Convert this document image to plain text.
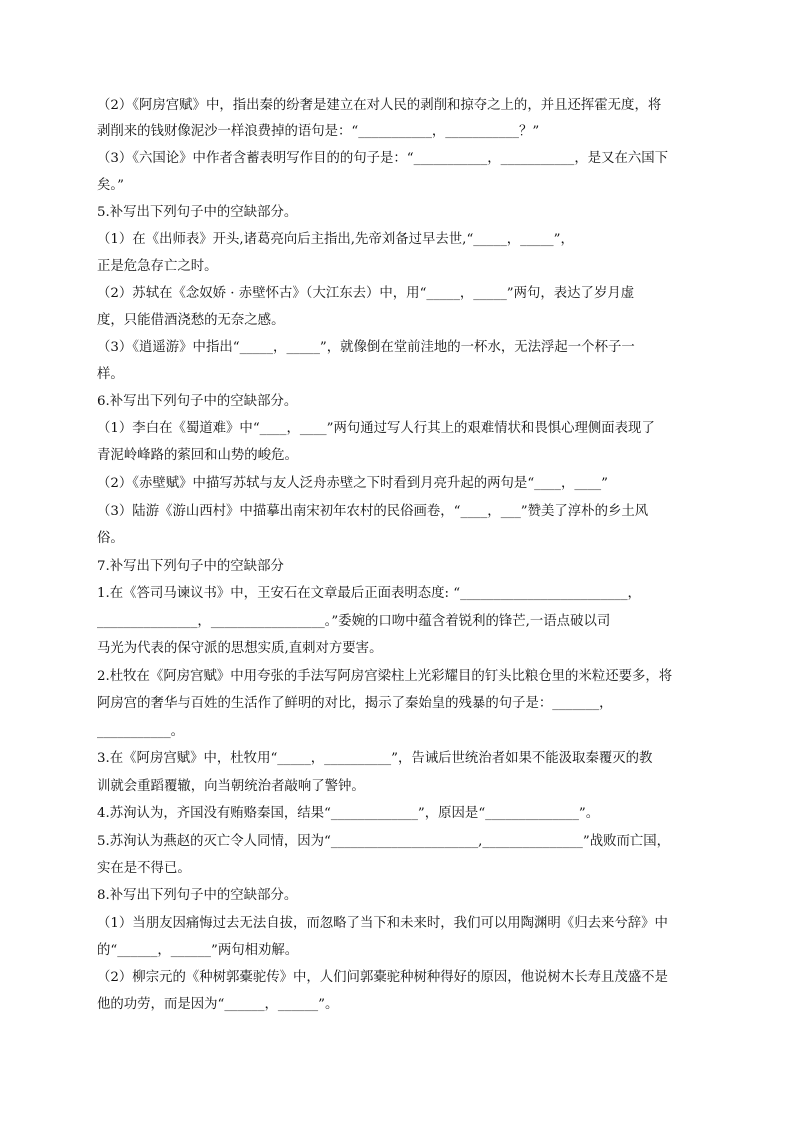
（2）《阿房宫赋》中，指出秦的纷奢是建立在对人民的剥削和掠夺之上的，并且还挥霍无度，将
剥削来的钱财像泥沙一样浪费掉的语句是：“___________，___________？”
（3）《六国论》中作者含蓄表明写作目的的句子是：“___________，___________，是又在六国下
矣。”
5.补写出下列句子中的空缺部分。
（1）在《出师表》开头,诸葛亮向后主指出,先帝刘备过早去世,“_____，_____”，
正是危急存亡之时。
（2）苏轼在《念奴娇 · 赤壁怀古》（大江东去）中，用“_____，_____”两句，表达了岁月虚
度，只能借酒浇愁的无奈之感。
（3）《逍遥游》中指出“_____，_____”，就像倒在堂前洼地的一杯水，无法浮起一个杯子一
样。
6.补写出下列句子中的空缺部分。
（1）李白在《蜀道难》中“____，____”两句通过写人行其上的艰难情状和畏惧心理侧面表现了
青泥岭峰路的萦回和山势的峻危。
（2）《赤壁赋》中描写苏轼与友人泛舟赤壁之下时看到月亮升起的两句是“____，____”
（3）陆游《游山西村》中描摹出南宋初年农村的民俗画卷，“____，___”赞美了淳朴的乡土风
俗。
7.补写出下列句子中的空缺部分
1.在《答司马谏议书》中，王安石在文章最后正面表明态度: “_________________________，
_______________，_________________。”委婉的口吻中蕴含着锐利的锋芒,一语点破以司
马光为代表的保守派的思想实质,直刺对方要害。
2.杜牧在《阿房宫赋》中用夸张的手法写阿房宫梁柱上光彩耀目的钉头比粮仓里的米粒还要多，将
阿房宫的奢华与百姓的生活作了鲜明的对比，揭示了秦始皇的残暴的句子是：_______，
___________。
3.在《阿房宫赋》中，杜牧用“_____，__________”，告诫后世统治者如果不能汲取秦覆灭的教
训就会重蹈覆辙，向当朝统治者敲响了警钟。
4.苏洵认为，齐国没有贿赂秦国，结果“_____________”，原因是“______________”。
5.苏洵认为燕赵的灭亡令人同情，因为“______________________,_______________”战败而亡国，
实在是不得已。
8.补写出下列句子中的空缺部分。
（1）当朋友因痛悔过去无法自拔，而忽略了当下和未来时，我们可以用陶渊明《归去来兮辞》中
的“______，______”两句相劝解。
（2）柳宗元的《种树郭橐驼传》中，人们问郭橐驼种树种得好的原因，他说树木长寿且茂盛不是
他的功劳，而是因为“______，______”。
